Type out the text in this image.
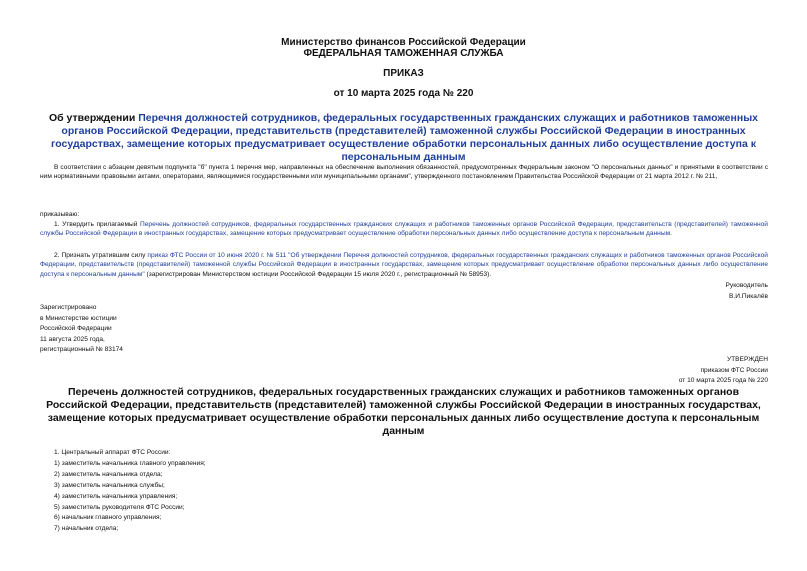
Министерство финансов Российской Федерации
ФЕДЕРАЛЬНАЯ ТАМОЖЕННАЯ СЛУЖБА
ПРИКАЗ
от 10 марта 2025 года № 220
Об утверждении Перечня должностей сотрудников, федеральных государственных гражданских служащих и работников таможенных органов Российской Федерации, представительств (представителей) таможенной службы Российской Федерации в иностранных государствах, замещение которых предусматривает осуществление обработки персональных данных либо осуществление доступа к персональным данным
В соответствии с абзацем девятым подпункта "б" пункта 1 перечня мер, направленных на обеспечение выполнения обязанностей, предусмотренных Федеральным законом "О персональных данных" и принятыми в соответствии с ним нормативными правовыми актами, операторами, являющимися государственными или муниципальными органами", утвержденного постановлением Правительства Российской Федерации от 21 марта 2012 г. № 211,
приказываю:
1. Утвердить прилагаемый Перечень должностей сотрудников, федеральных государственных гражданских служащих и работников таможенных органов Российской Федерации, представительств (представителей) таможенной службы Российской Федерации в иностранных государствах, замещение которых предусматривает осуществление обработки персональных данных либо осуществление доступа к персональным данным.
2. Признать утратившим силу приказ ФТС России от 10 июня 2020 г. № 511 "Об утверждении Перечня должностей сотрудников, федеральных государственных гражданских служащих и работников таможенных органов Российской Федерации, представительств (представителей) таможенной службы Российской Федерации в иностранных государствах, замещение которых предусматривает осуществление обработки персональных данных либо осуществление доступа к персональным данным" (зарегистрирован Министерством юстиции Российской Федерации 15 июля 2020 г., регистрационный № 58953).
Руководитель
В.И.Пикалёв
Зарегистрировано
в Министерстве юстиции
Российской Федерации
11 августа 2025 года,
регистрационный № 83174
УТВЕРЖДЕН
приказом ФТС России
от 10 марта 2025 года № 220
Перечень должностей сотрудников, федеральных государственных гражданских служащих и работников таможенных органов Российской Федерации, представительств (представителей) таможенной службы Российской Федерации в иностранных государствах, замещение которых предусматривает осуществление обработки персональных данных либо осуществление доступа к персональным данным
1. Центральный аппарат ФТС России:
1) заместитель начальника главного управления;
2) заместитель начальника отдела;
3) заместитель начальника службы;
4) заместитель начальника управления;
5) заместитель руководителя ФТС России;
6) начальник главного управления;
7) начальник отдела;
